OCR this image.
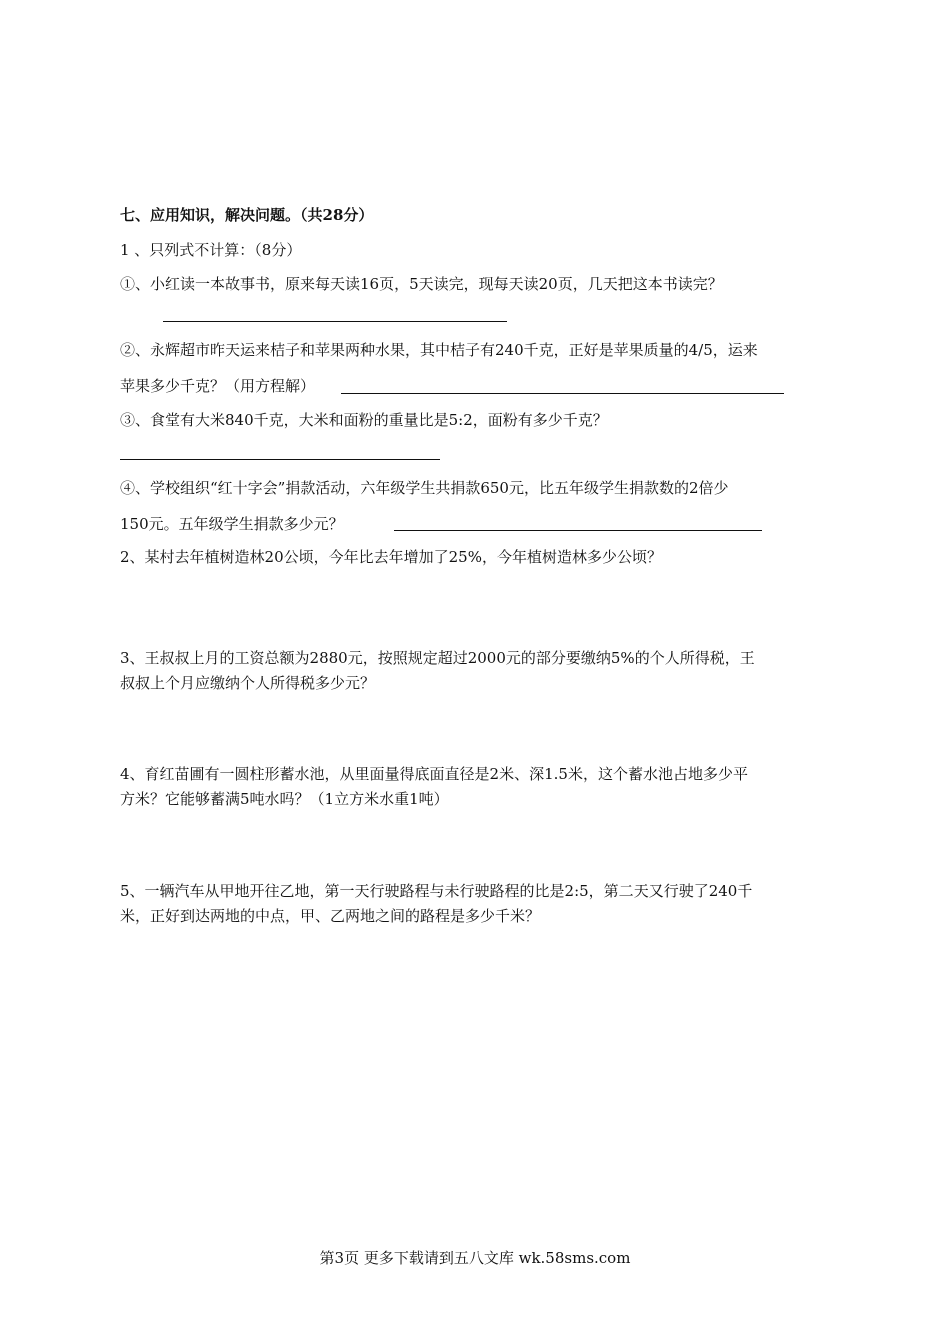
七、应用知识，解决问题。（共28分）
1 、只列式不计算：（8分）
①、小红读一本故事书，原来每天读16页，5天读完，现每天读20页，几天把这本书读完？
②、永辉超市昨天运来桔子和苹果两种水果，其中桔子有240千克，正好是苹果质量的4/5，运来
苹果多少千克？（用方程解）
③、食堂有大米840千克，大米和面粉的重量比是5:2，面粉有多少千克？
④、学校组织“红十字会”捐款活动，六年级学生共捐款650元，比五年级学生捐款数的2倍少
150元。五年级学生捐款多少元？
2、某村去年植树造林20公顷，今年比去年增加了25%，今年植树造林多少公顷？
3、王叔叔上月的工资总额为2880元，按照规定超过2000元的部分要缴纳5%的个人所得税，王
叔叔上个月应缴纳个人所得税多少元？
4、育红苗圃有一圆柱形蓄水池，从里面量得底面直径是2米、深1.5米，这个蓄水池占地多少平
方米？它能够蓄满5吨水吗？（1立方米水重1吨）
5、一辆汽车从甲地开往乙地，第一天行驶路程与未行驶路程的比是2:5，第二天又行驶了240千
米，正好到达两地的中点，甲、乙两地之间的路程是多少千米？
第3页 更多下载请到五八文库 wk.58sms.com
